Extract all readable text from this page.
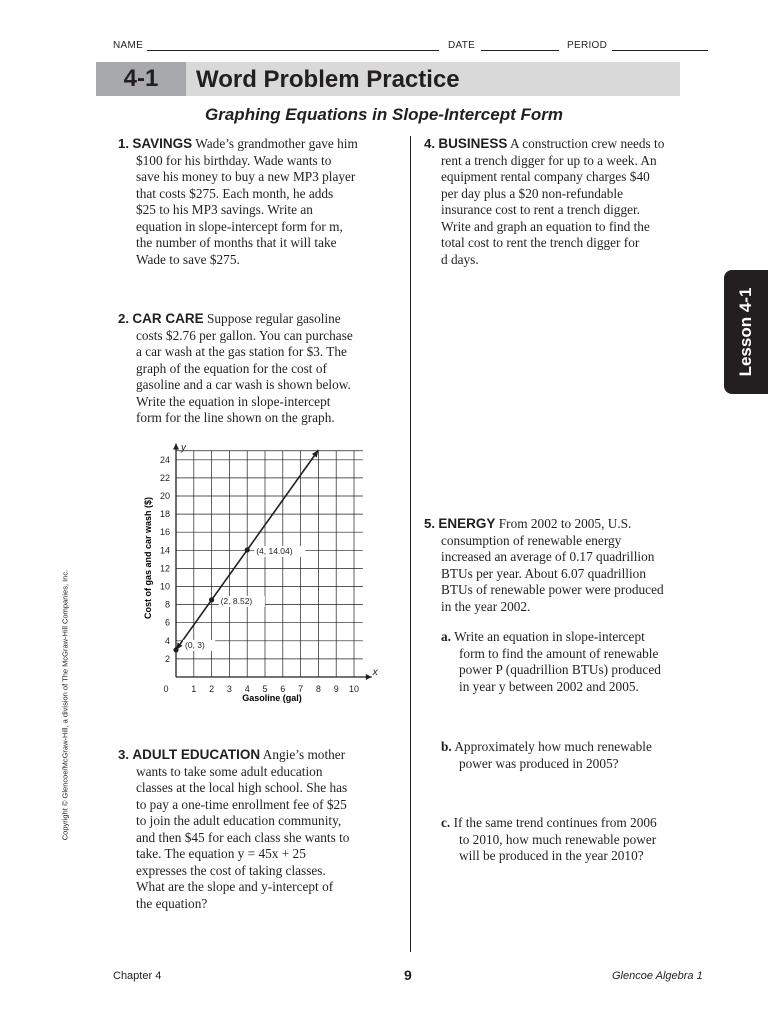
NAME	DATE	PERIOD
4-1	Word Problem Practice
Graphing Equations in Slope-Intercept Form
1. SAVINGS Wade’s grandmother gave him
$100 for his birthday. Wade wants to
save his money to buy a new MP3 player
that costs $275. Each month, he adds
$25 to his MP3 savings. Write an
equation in slope-intercept form for m,
the number of months that it will take
Wade to save $275.
2. CAR CARE Suppose regular gasoline
costs $2.76 per gallon. You can purchase
a car wash at the gas station for $3. The
graph of the equation for the cost of
gasoline and a car wash is shown below.
Write the equation in slope-intercept
form for the line shown on the graph.
x
y
0	1 2 3 4 5 6 7 8 9 10
2
4
6
8
10
12
14
16
18
20
22
24
(0, 3)
(2, 8.52)
(4, 14.04)
Gasoline (gal)
Cost of gas and car wash ($)
3. ADULT EDUCATION Angie’s mother
wants to take some adult education
classes at the local high school. She has
to pay a one-time enrollment fee of $25
to join the adult education community,
and then $45 for each class she wants to
take. The equation y = 45x + 25
expresses the cost of taking classes.
What are the slope and y-intercept of
the equation?
4. BUSINESS A construction crew needs to
rent a trench digger for up to a week. An
equipment rental company charges $40
per day plus a $20 non-refundable
insurance cost to rent a trench digger.
Write and graph an equation to find the
total cost to rent the trench digger for
d days.
5. ENERGY From 2002 to 2005, U.S.
consumption of renewable energy
increased an average of 0.17 quadrillion
BTUs per year. About 6.07 quadrillion
BTUs of renewable power were produced
in the year 2002.
a. Write an equation in slope-intercept
form to find the amount of renewable
power P (quadrillion BTUs) produced
in year y between 2002 and 2005.
b. Approximately how much renewable
power was produced in 2005?
c. If the same trend continues from 2006
to 2010, how much renewable power
will be produced in the year 2010?
Lesson 4-1
Copyright © Glencoe/McGraw-Hill, a division of The McGraw-Hill Companies, Inc.
Chapter 4	9	Glencoe Algebra 1
